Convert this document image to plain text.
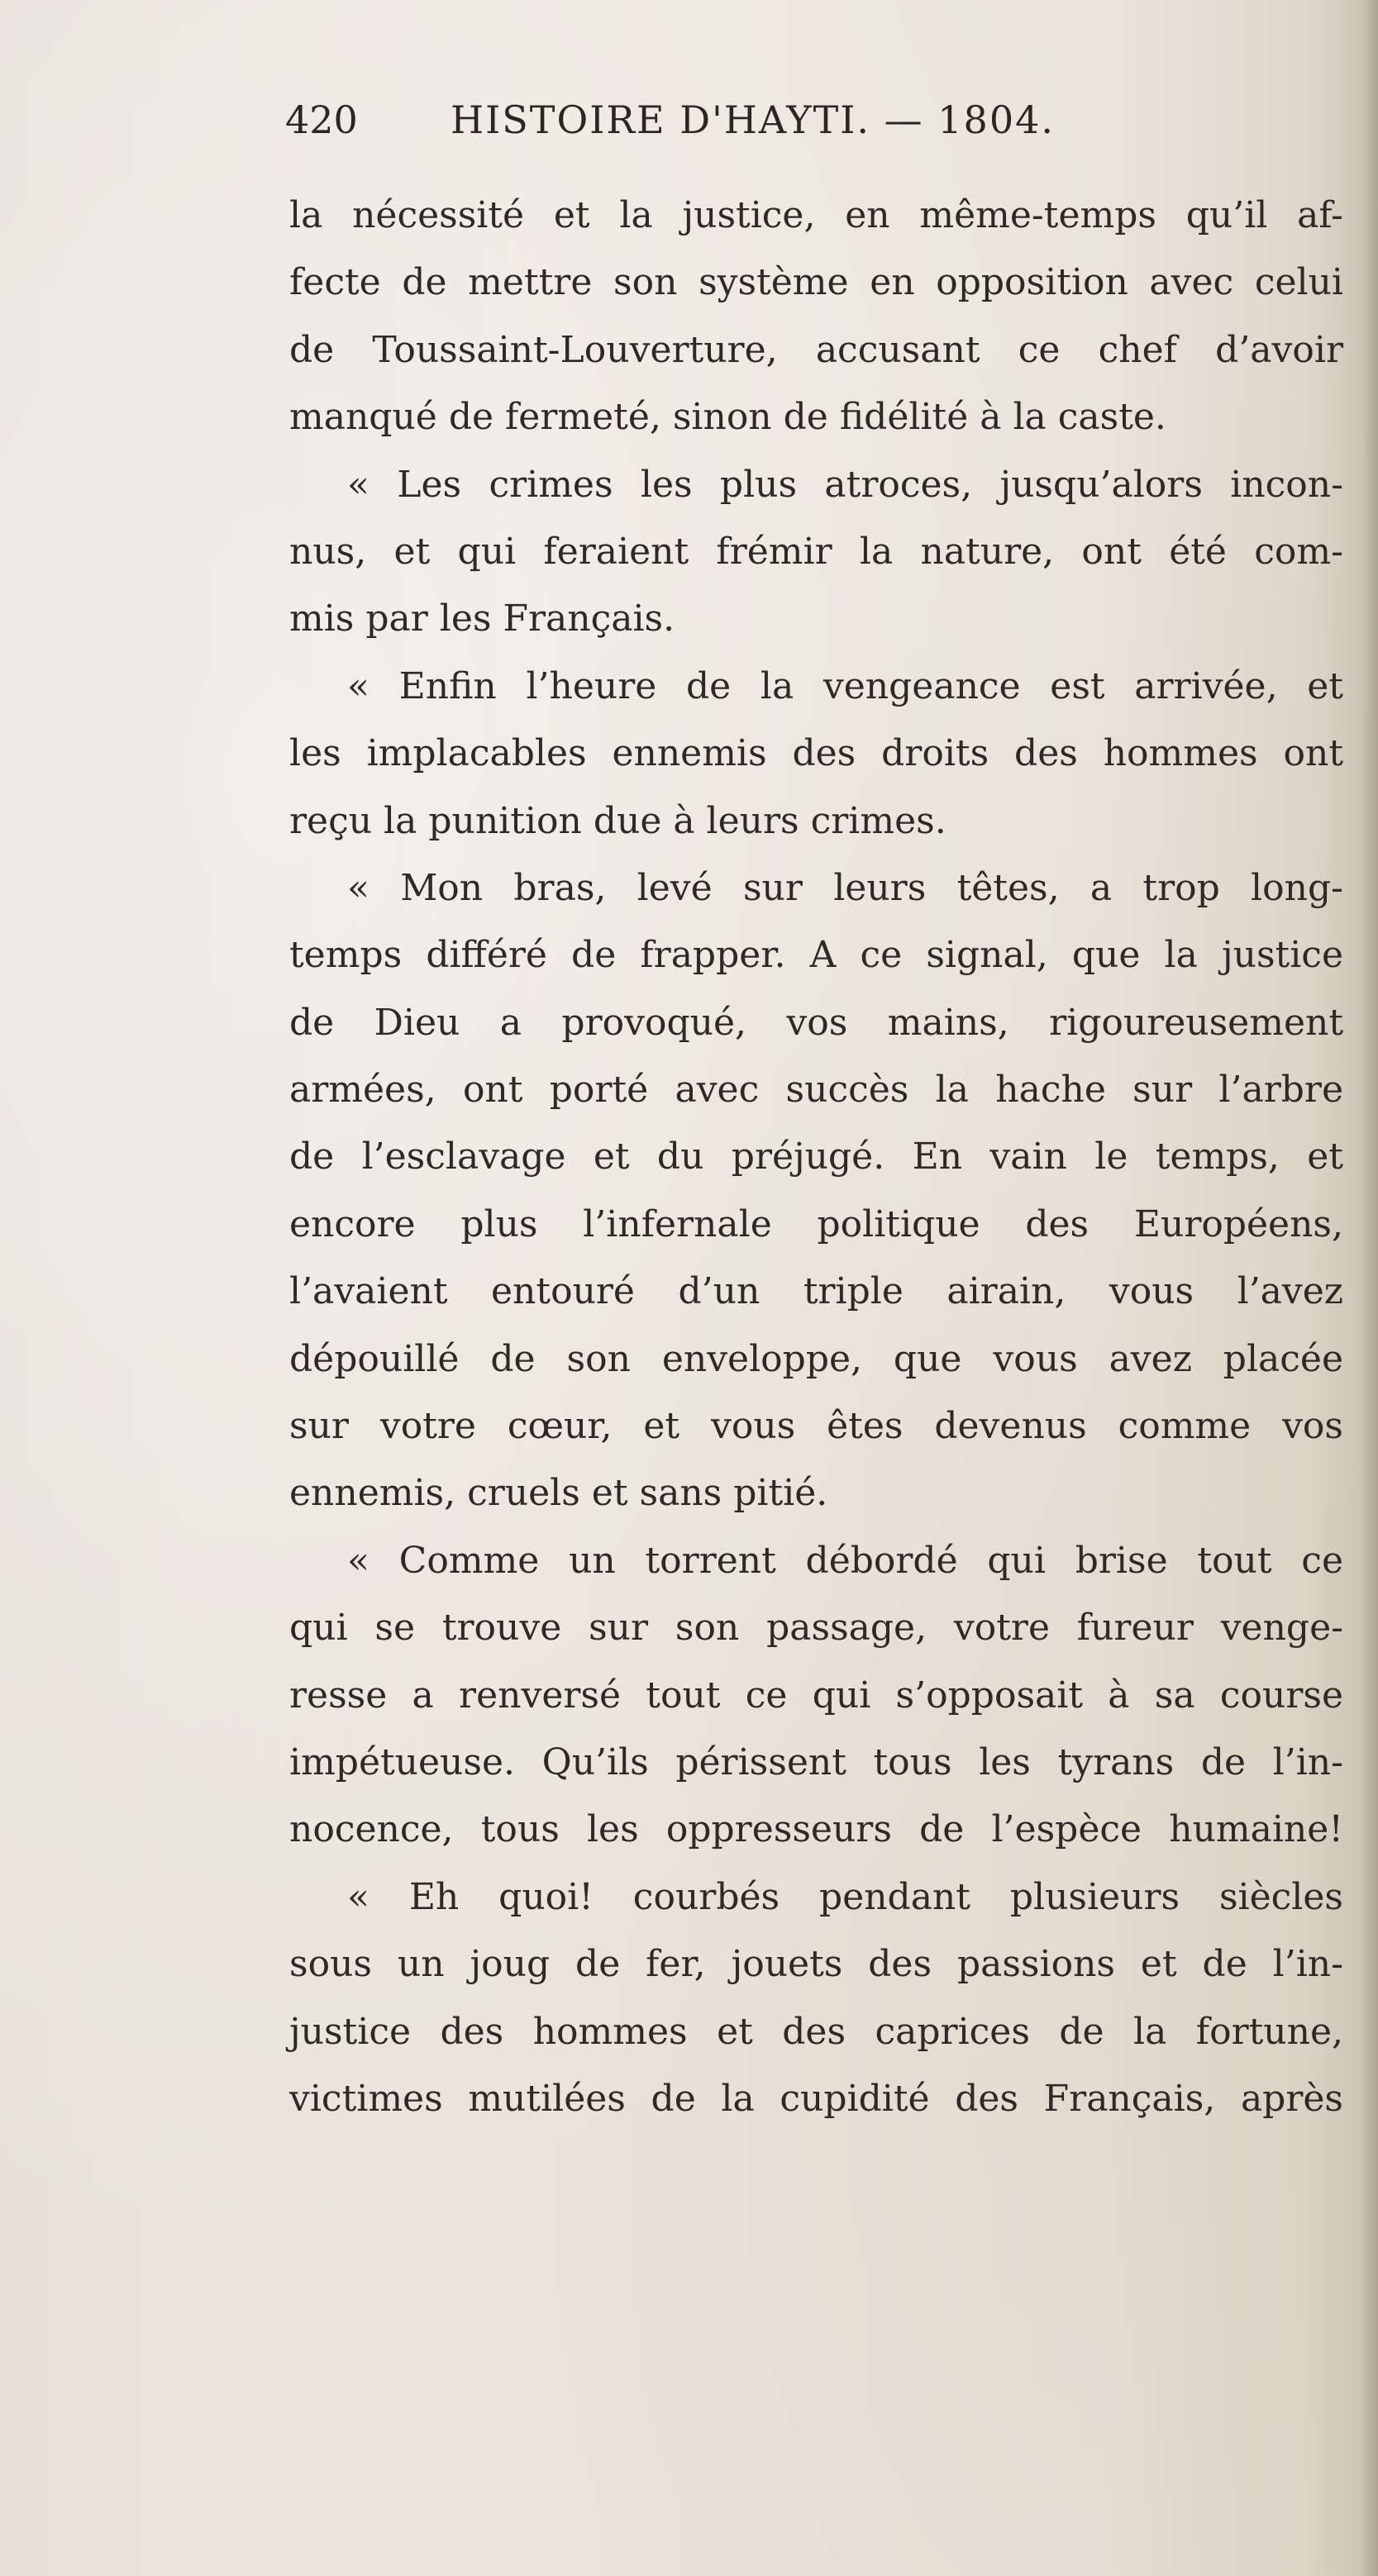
420 HISTOIRE D'HAYTI. — 1804.
la nécessité et la justice, en même-temps qu’il af-
fecte de mettre son système en opposition avec celui
de Toussaint-Louverture, accusant ce chef d’avoir
manqué de fermeté, sinon de fidélité à la caste.
« Les crimes les plus atroces, jusqu’alors incon-
nus, et qui feraient frémir la nature, ont été com-
mis par les Français.
« Enfin l’heure de la vengeance est arrivée, et
les implacables ennemis des droits des hommes ont
reçu la punition due à leurs crimes.
« Mon bras, levé sur leurs têtes, a trop long-
temps différé de frapper. A ce signal, que la justice
de Dieu a provoqué, vos mains, rigoureusement
armées, ont porté avec succès la hache sur l’arbre
de l’esclavage et du préjugé. En vain le temps, et
encore plus l’infernale politique des Européens,
l’avaient entouré d’un triple airain, vous l’avez
dépouillé de son enveloppe, que vous avez placée
sur votre cœur, et vous êtes devenus comme vos
ennemis, cruels et sans pitié.
« Comme un torrent débordé qui brise tout ce
qui se trouve sur son passage, votre fureur venge-
resse a renversé tout ce qui s’opposait à sa course
impétueuse. Qu’ils périssent tous les tyrans de l’in-
nocence, tous les oppresseurs de l’espèce humaine!
« Eh quoi! courbés pendant plusieurs siècles
sous un joug de fer, jouets des passions et de l’in-
justice des hommes et des caprices de la fortune,
victimes mutilées de la cupidité des Français, après
